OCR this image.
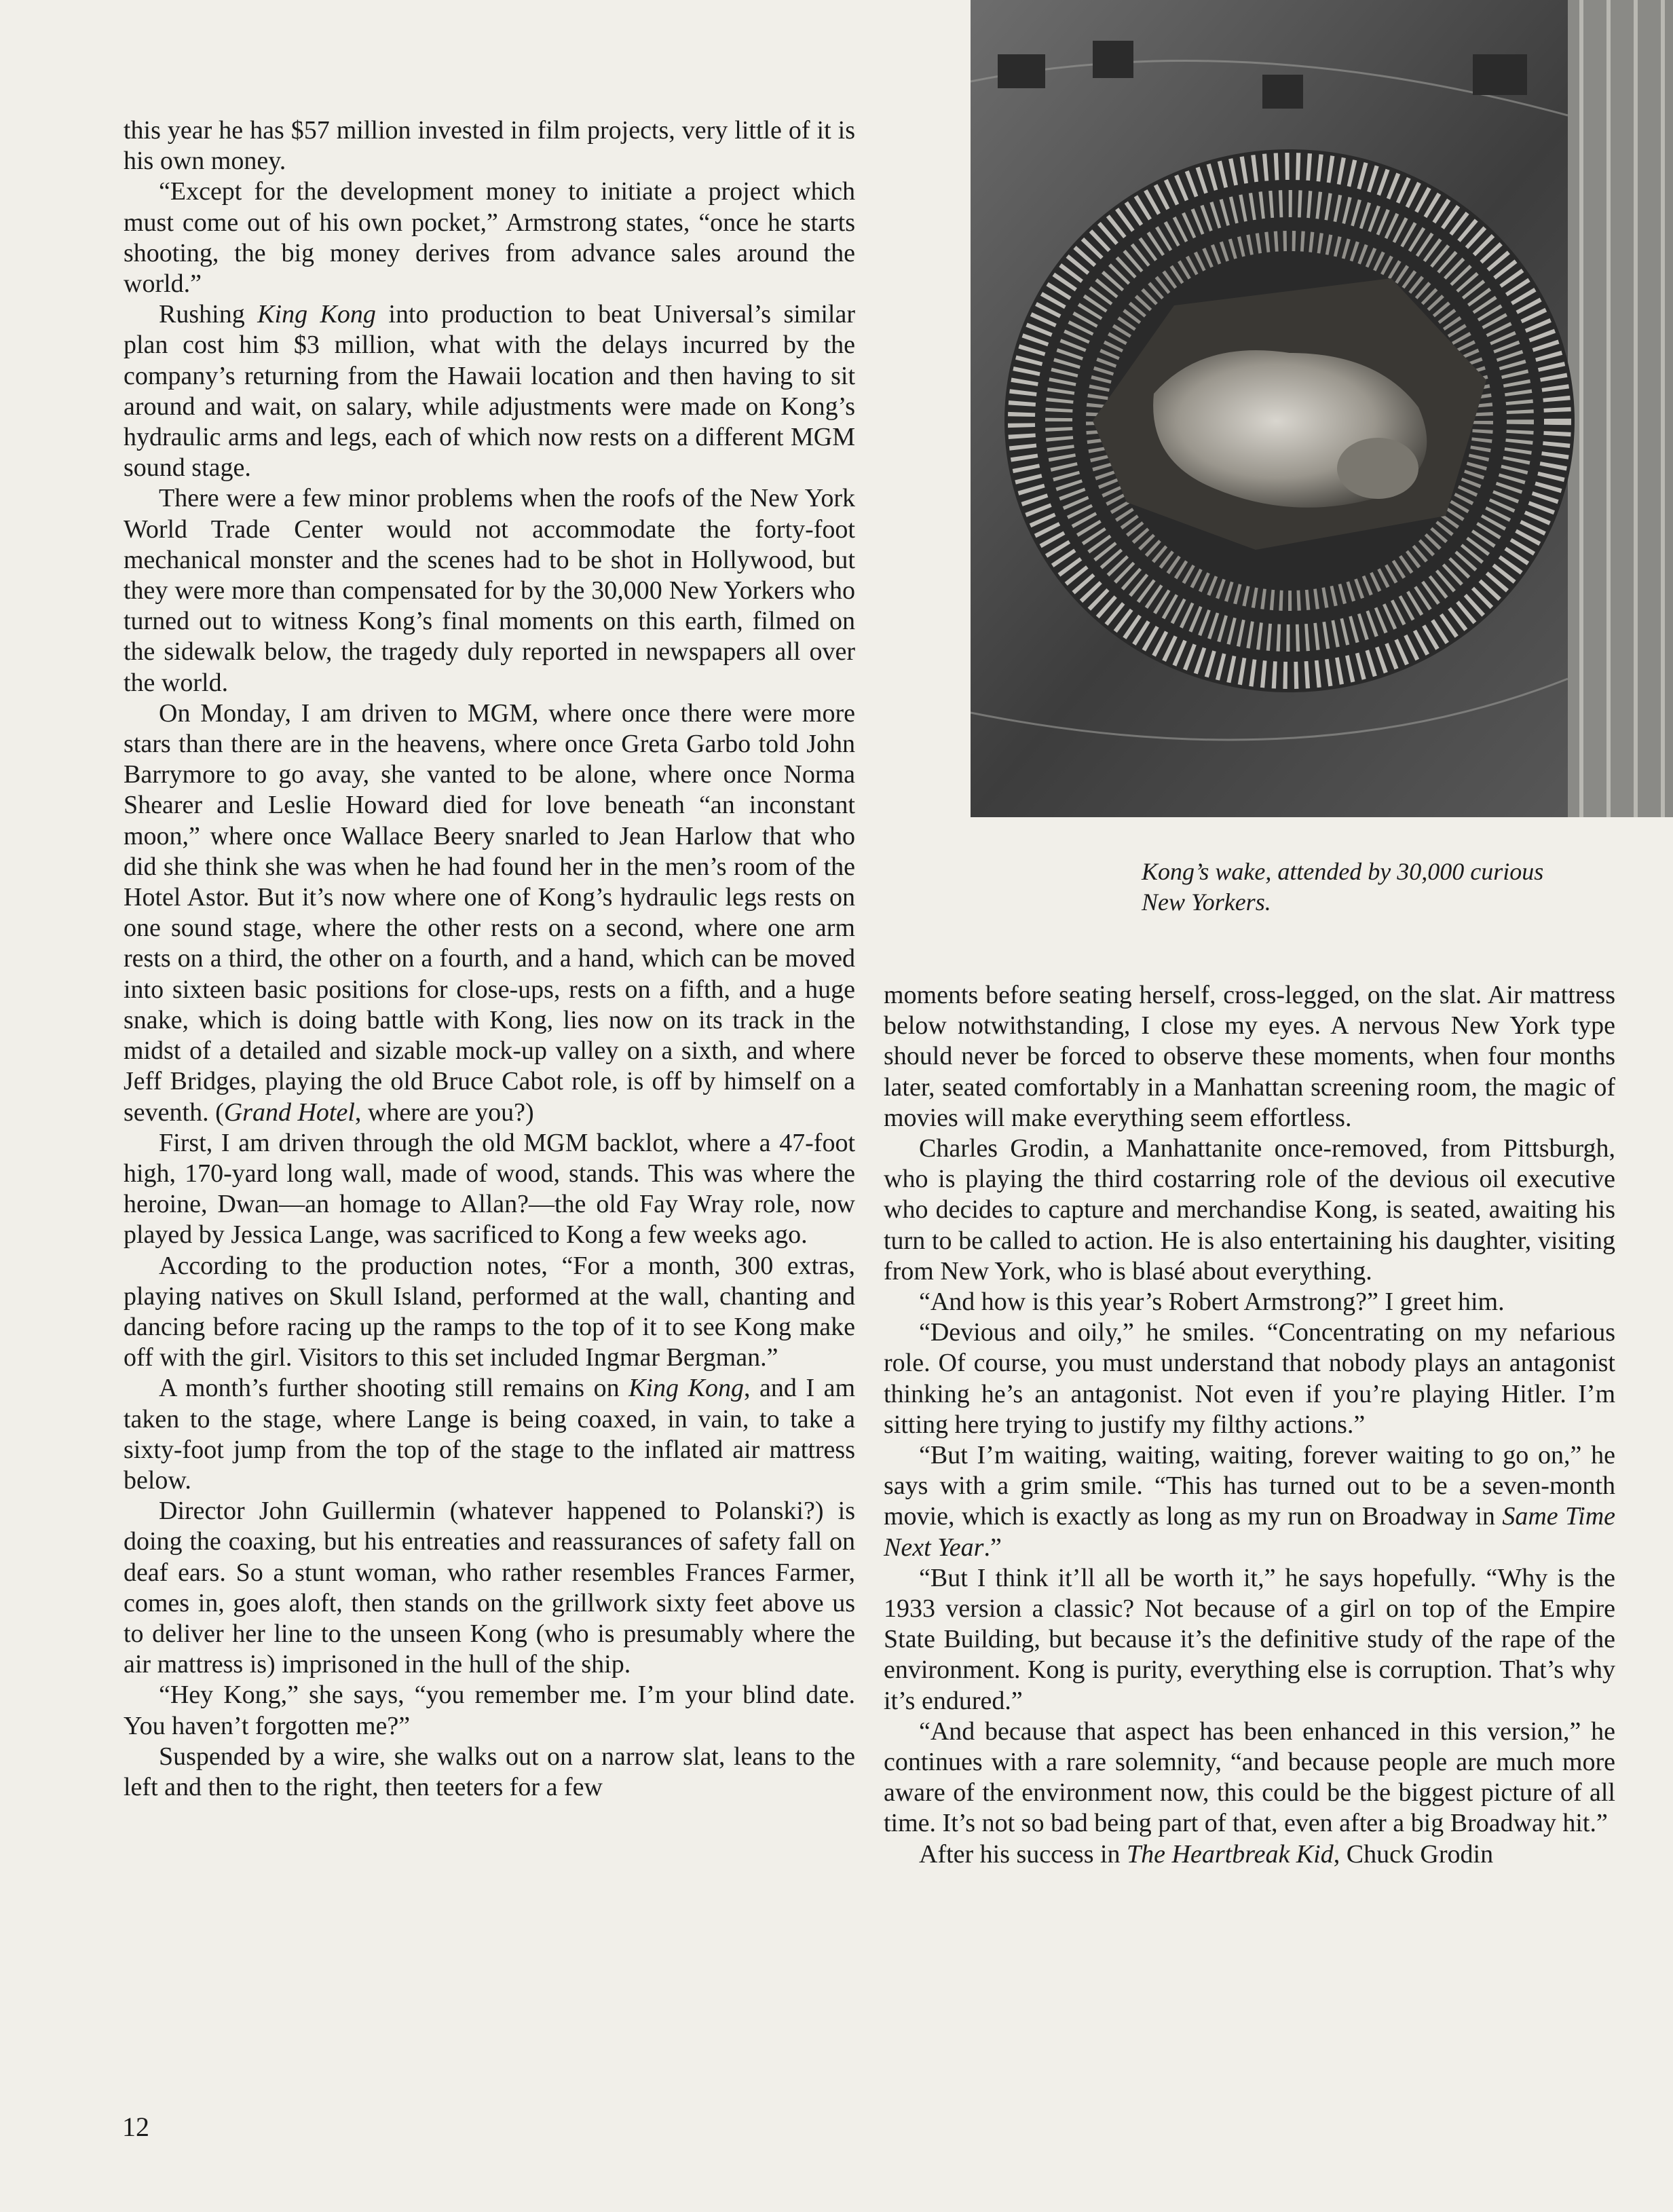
this year he has $57 million invested in film projects, very little of it is his own money.

“Except for the development money to initiate a project which must come out of his own pocket,” Armstrong states, “once he starts shooting, the big money derives from advance sales around the world.”

Rushing King Kong into production to beat Universal’s similar plan cost him $3 million, what with the delays incurred by the company’s returning from the Hawaii location and then having to sit around and wait, on salary, while adjustments were made on Kong’s hydraulic arms and legs, each of which now rests on a different MGM sound stage.

There were a few minor problems when the roofs of the New York World Trade Center would not accommodate the forty-foot mechanical monster and the scenes had to be shot in Hollywood, but they were more than compensated for by the 30,000 New Yorkers who turned out to witness Kong’s final moments on this earth, filmed on the sidewalk below, the tragedy duly reported in newspapers all over the world.

On Monday, I am driven to MGM, where once there were more stars than there are in the heavens, where once Greta Garbo told John Barrymore to go avay, she vanted to be alone, where once Norma Shearer and Leslie Howard died for love beneath “an inconstant moon,” where once Wallace Beery snarled to Jean Harlow that who did she think she was when he had found her in the men’s room of the Hotel Astor. But it’s now where one of Kong’s hydraulic legs rests on one sound stage, where the other rests on a second, where one arm rests on a third, the other on a fourth, and a hand, which can be moved into sixteen basic positions for close-ups, rests on a fifth, and a huge snake, which is doing battle with Kong, lies now on its track in the midst of a detailed and sizable mock-up valley on a sixth, and where Jeff Bridges, playing the old Bruce Cabot role, is off by himself on a seventh. (Grand Hotel, where are you?)

First, I am driven through the old MGM backlot, where a 47-foot high, 170-yard long wall, made of wood, stands. This was where the heroine, Dwan—an homage to Allan?—the old Fay Wray role, now played by Jessica Lange, was sacrificed to Kong a few weeks ago.

According to the production notes, “For a month, 300 extras, playing natives on Skull Island, performed at the wall, chanting and dancing before racing up the ramps to the top of it to see Kong make off with the girl. Visitors to this set included Ingmar Bergman.”

A month’s further shooting still remains on King Kong, and I am taken to the stage, where Lange is being coaxed, in vain, to take a sixty-foot jump from the top of the stage to the inflated air mattress below.

Director John Guillermin (whatever happened to Polanski?) is doing the coaxing, but his entreaties and reassurances of safety fall on deaf ears. So a stunt woman, who rather resembles Frances Farmer, comes in, goes aloft, then stands on the grillwork sixty feet above us to deliver her line to the unseen Kong (who is presumably where the air mattress is) imprisoned in the hull of the ship.

“Hey Kong,” she says, “you remember me. I’m your blind date. You haven’t forgotten me?”

Suspended by a wire, she walks out on a narrow slat, leans to the left and then to the right, then teeters for a few

Kong’s wake, attended by 30,000 curious New Yorkers.

moments before seating herself, cross-legged, on the slat. Air mattress below notwithstanding, I close my eyes. A nervous New York type should never be forced to observe these moments, when four months later, seated comfortably in a Manhattan screening room, the magic of movies will make everything seem effortless.

Charles Grodin, a Manhattanite once-removed, from Pittsburgh, who is playing the third costarring role of the devious oil executive who decides to capture and merchandise Kong, is seated, awaiting his turn to be called to action. He is also entertaining his daughter, visiting from New York, who is blasé about everything.

“And how is this year’s Robert Armstrong?” I greet him.

“Devious and oily,” he smiles. “Concentrating on my nefarious role. Of course, you must understand that nobody plays an antagonist thinking he’s an antagonist. Not even if you’re playing Hitler. I’m sitting here trying to justify my filthy actions.”

“But I’m waiting, waiting, waiting, forever waiting to go on,” he says with a grim smile. “This has turned out to be a seven-month movie, which is exactly as long as my run on Broadway in Same Time Next Year.”

“But I think it’ll all be worth it,” he says hopefully. “Why is the 1933 version a classic? Not because of a girl on top of the Empire State Building, but because it’s the definitive study of the rape of the environment. Kong is purity, everything else is corruption. That’s why it’s endured.”

“And because that aspect has been enhanced in this version,” he continues with a rare solemnity, “and because people are much more aware of the environment now, this could be the biggest picture of all time. It’s not so bad being part of that, even after a big Broadway hit.”

After his success in The Heartbreak Kid, Chuck Grodin

12
